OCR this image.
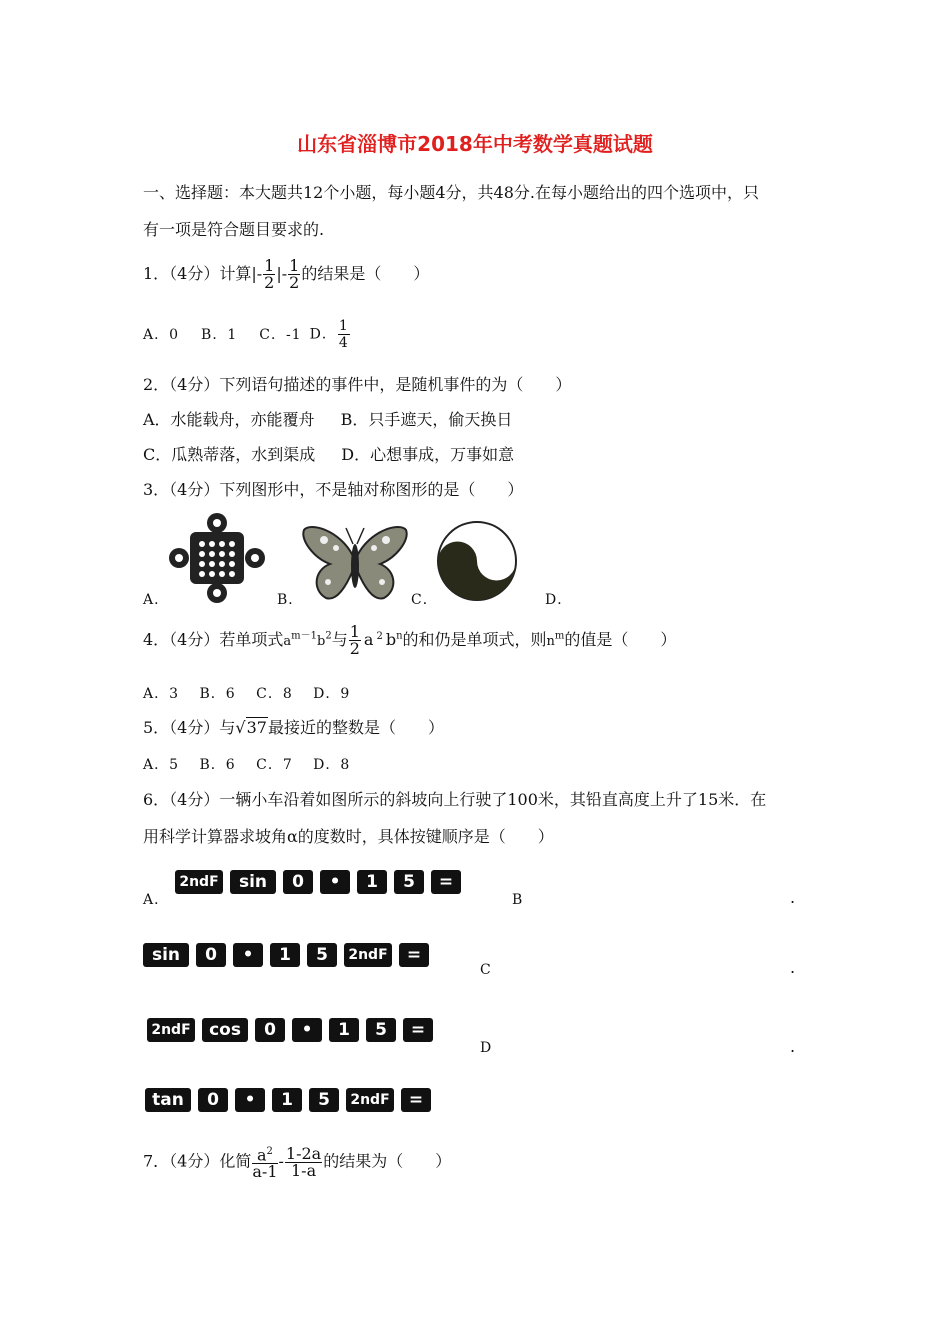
山东省淄博市2018年中考数学真题试题
一、选择题：本大题共12个小题，每小题4分，共48分.在每小题给出的四个选项中，只
有一项是符合题目要求的.
1．（4分）计算|- $\frac{1}{2}$ |- $\frac{1}{2}$ 的结果是（　　）
A．0 B．1 C．-1 D． $\frac{1}{4}$
2．（4分）下列语句描述的事件中，是随机事件的为（　　）
A．水能载舟，亦能覆舟 B．只手遮天，偷天换日
C．瓜熟蒂落，水到渠成 D．心想事成，万事如意
3．（4分）下列图形中，不是轴对称图形的是（　　）
A．	B．	C．	D．
4．（4分）若单项式$a^{m-1}b^2$与 $\frac{1}{2}$ a $^2$ $b^n$的和仍是单项式，则$n^m$的值是（　　）
A．3　 B．6　 C．8　 D．9
5．（4分）与√37最接近的整数是（　　）
A．5　 B．6　 C．7　 D．8
6．（4分）一辆小车沿着如图所示的斜坡向上行驶了100米，其铅直高度上升了15米．在
用科学计算器求坡角α的度数时，具体按键顺序是（　　）
A．
2ndF sin 0 • 1 5 =
B	.
sin 0 • 1 5 2ndF =
C	.
2ndF cos 0 • 1 5 =
D	.
tan 0 • 1 5 2ndF =
7．（4分）化简 $\frac{a^2}{a-1} - \frac{1-2a}{1-a}$ 的结果为（　　）
